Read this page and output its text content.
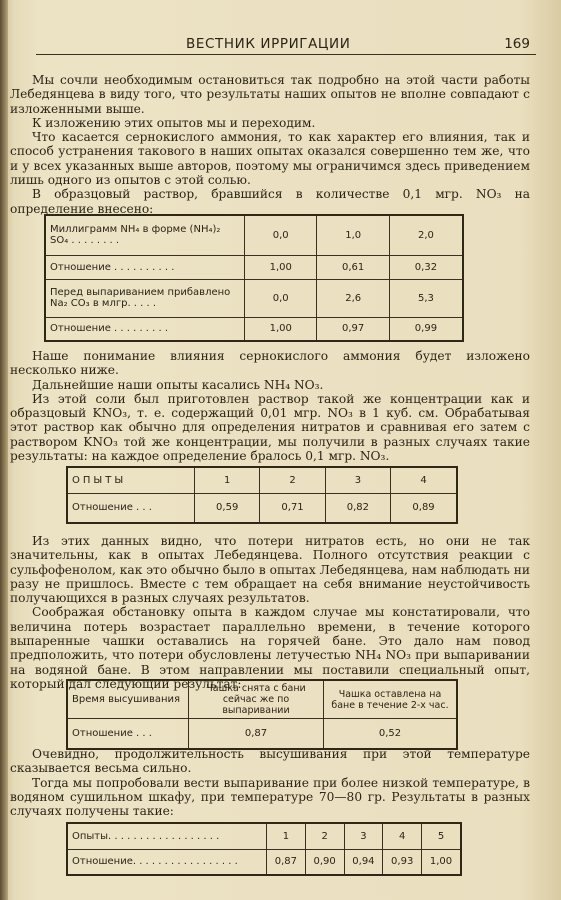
ВЕСТНИК ИРРИГАЦИИ	169

Мы сочли необходимым остановиться так подробно на этой части работы Лебедянцева в виду того, что результаты наших опытов не вполне совпадают с изложенными выше.

К изложению этих опытов мы и переходим.

Что касается сернокислого аммония, то как характер его влияния, так и способ устранения такового в наших опытах оказался совершенно тем же, что и у всех указанных выше авторов, поэтому мы ограничимся здесь приведением лишь одного из опытов с этой солью.

В образцовый раствор, бравшийся в количестве 0,1 мгр. NO₃ на определение внесено:

Миллиграмм NH₄ в форме (NH₄)₂ SO₄ . . . . . . . .	0,0	1,0	2,0
Отношение . . . . . . . . . .	1,00	0,61	0,32
Перед выпариванием прибавлено Na₂ CO₃ в млгр. . . . .	0,0	2,6	5,3
Отношение . . . . . . . . .	1,00	0,97	0,99

Наше понимание влияния сернокислого аммония будет изложено несколько ниже.

Дальнейшие наши опыты касались NH₄ NO₃.

Из этой соли был приготовлен раствор такой же концентрации как и образцовый KNO₃, т. е. содержащий 0,01 мгр. NO₃ в 1 куб. см. Обрабатывая этот раствор как обычно для определения нитратов и сравнивая его затем с раствором KNO₃ той же концентрации, мы получили в разных случаях такие результаты: на каждое определение бралось 0,1 мгр. NO₃.

ОПЫТЫ	1	2	3	4
Отношение . . .	0,59	0,71	0,82	0,89

Из этих данных видно, что потери нитратов есть, но они не так значительны, как в опытах Лебедянцева. Полного отсутствия реакции с сульфофенолом, как это обычно было в опытах Лебедянцева, нам наблюдать ни разу не пришлось. Вместе с тем обращает на себя внимание неустойчивость получающихся в разных случаях результатов.

Соображая обстановку опыта в каждом случае мы констатировали, что величина потерь возрастает параллельно времени, в течение которого выпаренные чашки оставались на горячей бане. Это дало нам повод предположить, что потери обусловлены летучестью NH₄ NO₃ при выпаривании на водяной бане. В этом направлении мы поставили специальный опыт, который дал следующий результат:

Время высушивания	Чашка снята с бани сейчас же по выпаривании	Чашка оставлена на бане в течение 2-х час.
Отношение . . .	0,87	0,52

Очевидно, продолжительность высушивания при этой температуре сказывается весьма сильно.

Тогда мы попробовали вести выпаривание при более низкой температуре, в водяном сушильном шкафу, при температуре 70—80 гр. Результаты в разных случаях получены такие:

Опыты. . . . . . . . . . . . . . . . . .	1	2	3	4	5
Отношение. . . . . . . . . . . . . . . . .	0,87	0,90	0,94	0,93	1,00
